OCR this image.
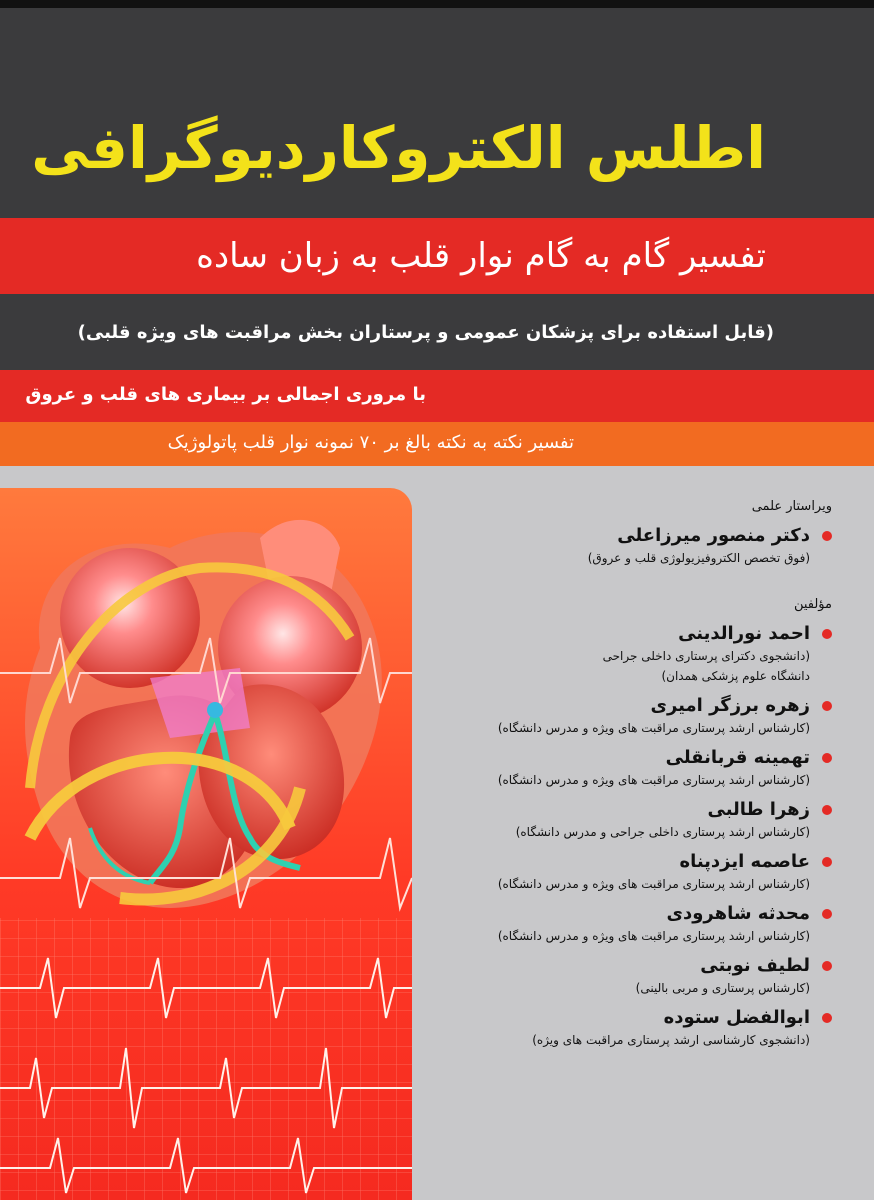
اطلس الکتروکاردیوگرافی
تفسیر گام به گام نوار قلب به زبان ساده
(قابل استفاده برای پزشکان عمومی و پرستاران بخش مراقبت های ویژه قلبی)
با مروری اجمالی بر بیماری های قلب و عروق
تفسیر نکته به نکته بالغ بر ۷۰ نمونه نوار قلب پاتولوژیک
ویراستار علمی
دکتر منصور میرزاعلی
(فوق تخصص الکتروفیزیولوژی قلب و عروق)
مؤلفین
احمد نورالدینی
(دانشجوی دکترای پرستاری داخلی جراحی
دانشگاه علوم پزشکی همدان)
زهره برزگر امیری
(کارشناس ارشد پرستاری مراقبت های ویژه و مدرس دانشگاه)
تهمینه قربانقلی
(کارشناس ارشد پرستاری مراقبت های ویژه و مدرس دانشگاه)
زهرا طالبی
(کارشناس ارشد پرستاری داخلی جراحی و مدرس دانشگاه)
عاصمه ایزدپناه
(کارشناس ارشد پرستاری مراقبت های ویژه و مدرس دانشگاه)
محدثه شاهرودی
(کارشناس ارشد پرستاری مراقبت های ویژه و مدرس دانشگاه)
لطیف نوبتی
(کارشناس پرستاری و مربی بالینی)
ابوالفضل ستوده
(دانشجوی کارشناسی ارشد پرستاری مراقبت های ویژه)
